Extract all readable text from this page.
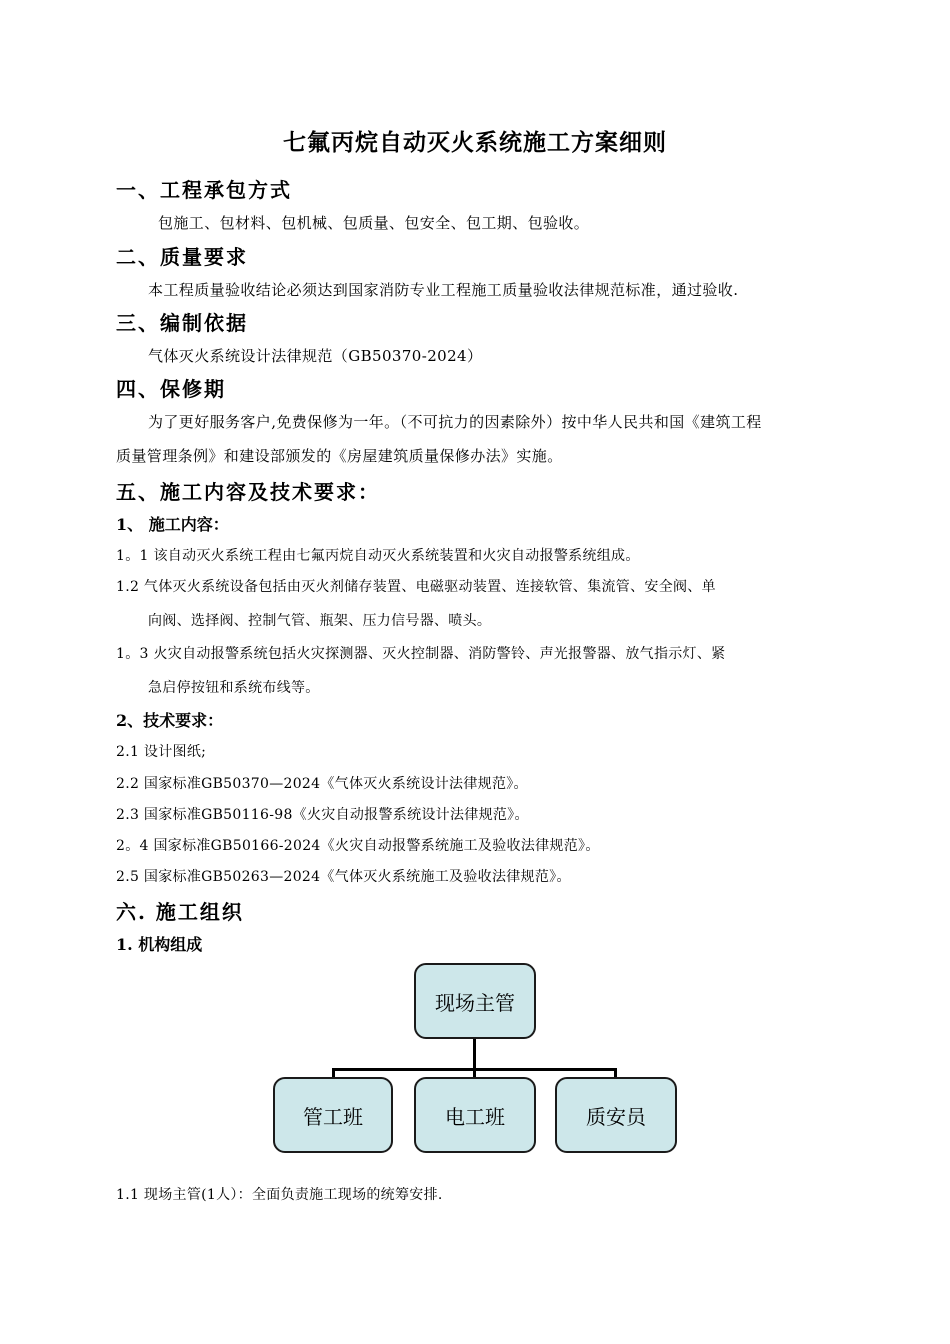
七氟丙烷自动灭火系统施工方案细则
一、工程承包方式
包施工、包材料、包机械、包质量、包安全、包工期、包验收。
二、质量要求
本工程质量验收结论必须达到国家消防专业工程施工质量验收法律规范标准，通过验收.
三、编制依据
气体灭火系统设计法律规范（GB50370-2024）
四、保修期
为了更好服务客户,免费保修为一年。（不可抗力的因素除外）按中华人民共和国《建筑工程
质量管理条例》和建设部颁发的《房屋建筑质量保修办法》实施。
五、施工内容及技术要求：
1、 施工内容：
1。1 该自动灭火系统工程由七氟丙烷自动灭火系统装置和火灾自动报警系统组成。
1.2 气体灭火系统设备包括由灭火剂储存装置、电磁驱动装置、连接软管、集流管、安全阀、单
向阀、选择阀、控制气管、瓶架、压力信号器、喷头。
1。3 火灾自动报警系统包括火灾探测器、灭火控制器、消防警铃、声光报警器、放气指示灯、紧
急启停按钮和系统布线等。
2、技术要求：
2.1 设计图纸;
2.2 国家标准GB50370—2024《气体灭火系统设计法律规范》。
2.3 国家标准GB50116-98《火灾自动报警系统设计法律规范》。
2。4 国家标准GB50166-2024《火灾自动报警系统施工及验收法律规范》。
2.5 国家标准GB50263—2024《气体灭火系统施工及验收法律规范》。
六. 施工组织
1. 机构组成
现场主管
管工班	电工班	质安员
1.1 现场主管(1人）：全面负责施工现场的统筹安排.
